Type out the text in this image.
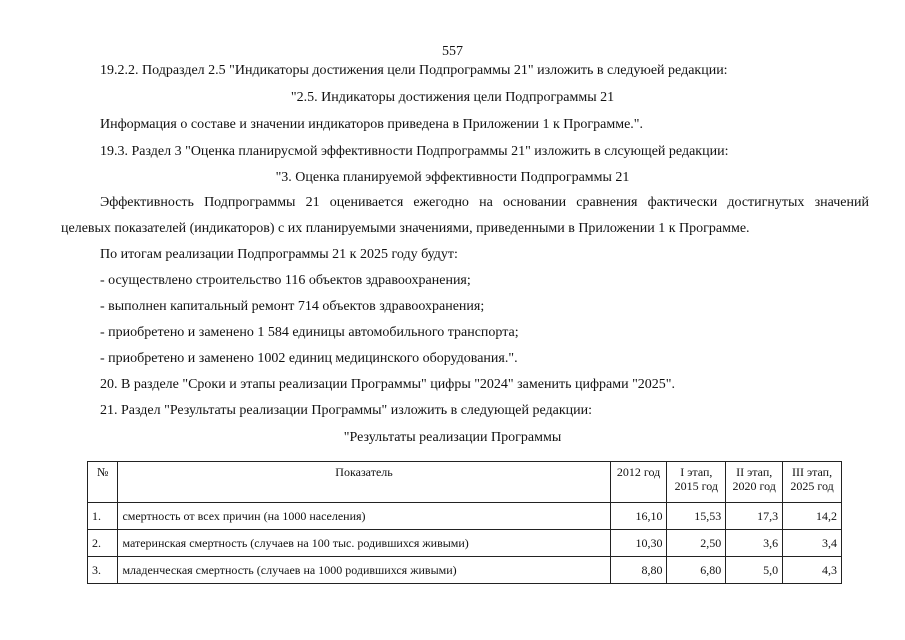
557
19.2.2. Подраздел 2.5 "Индикаторы достижения цели Подпрограммы 21" изложить в следуюей редакции:
"2.5. Индикаторы достижения цели Подпрограммы 21
Информация о составе и значении индикаторов приведена в Приложении 1 к Программе.".
19.3. Раздел 3 "Оценка планирусмой эффективности Подпрограммы 21" изложить в слсующей редакции:
"3. Оценка планируемой эффективности Подпрограммы 21
Эффективность Подпрограммы 21 оценивается ежегодно на основании сравнения фактически достигнутых значений
целевых показателей (индикаторов) с их планируемыми значениями, приведенными в Приложении 1 к Программе.
По итогам реализации Подпрограммы 21 к 2025 году будут:
- осуществлено строительство 116 объектов здравоохранения;
- выполнен капитальный ремонт 714 объектов здравоохранения;
- приобретено и заменено 1 584 единицы автомобильного транспорта;
- приобретено и заменено 1002 единиц медицинского оборудования.".
20. В разделе "Сроки и этапы реализации Программы" цифры "2024" заменить цифрами "2025".
21. Раздел "Результаты реализации Программы" изложить в следующей редакции:
"Результаты реализации Программы
№	Показатель	2012 год	I этап, 2015 год	II этап, 2020 год	III этап, 2025 год
1.	смертность от всех причин (на 1000 населения)	16,10	15,53	17,3	14,2
2.	материнская смертность (случаев на 100 тыс. родившихся живыми)	10,30	2,50	3,6	3,4
3.	младенческая смертность (случаев на 1000 родившихся живыми)	8,80	6,80	5,0	4,3
